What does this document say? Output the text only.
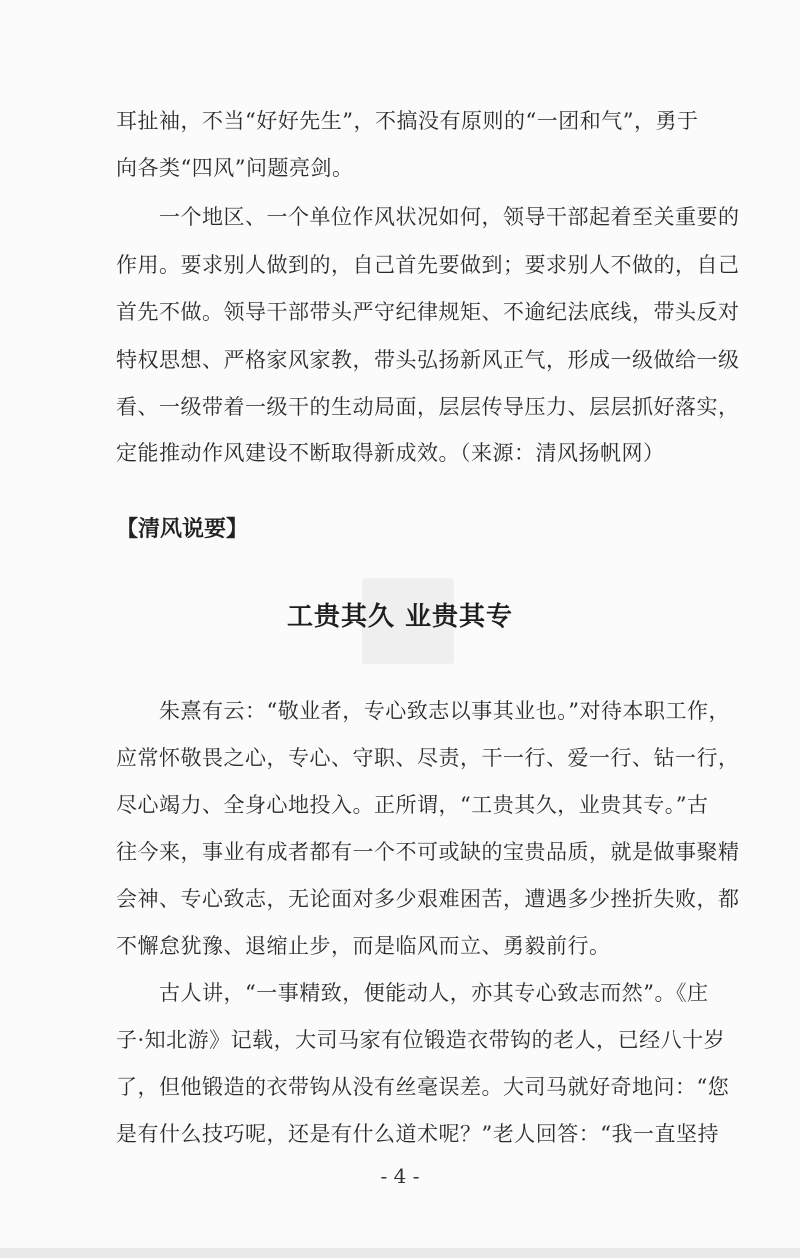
耳扯袖，不当“好好先生”，不搞没有原则的“一团和气”，勇于
向各类“四风”问题亮剑。
　　一个地区、一个单位作风状况如何，领导干部起着至关重要的
作用。要求别人做到的，自己首先要做到；要求别人不做的，自己
首先不做。领导干部带头严守纪律规矩、不逾纪法底线，带头反对
特权思想、严格家风家教，带头弘扬新风正气，形成一级做给一级
看、一级带着一级干的生动局面，层层传导压力、层层抓好落实，
定能推动作风建设不断取得新成效。（来源：清风扬帆网）
【清风说要】
工贵其久 业贵其专
　　朱熹有云：“敬业者，专心致志以事其业也。”对待本职工作，
应常怀敬畏之心，专心、守职、尽责，干一行、爱一行、钻一行，
尽心竭力、全身心地投入。正所谓，“工贵其久，业贵其专。”古
往今来，事业有成者都有一个不可或缺的宝贵品质，就是做事聚精
会神、专心致志，无论面对多少艰难困苦，遭遇多少挫折失败，都
不懈怠犹豫、退缩止步，而是临风而立、勇毅前行。
　　古人讲，“一事精致，便能动人，亦其专心致志而然”。《庄
子·知北游》记载，大司马家有位锻造衣带钩的老人，已经八十岁
了，但他锻造的衣带钩从没有丝毫误差。大司马就好奇地问：“您
是有什么技巧呢，还是有什么道术呢？”老人回答：“我一直坚持
- 4 -
